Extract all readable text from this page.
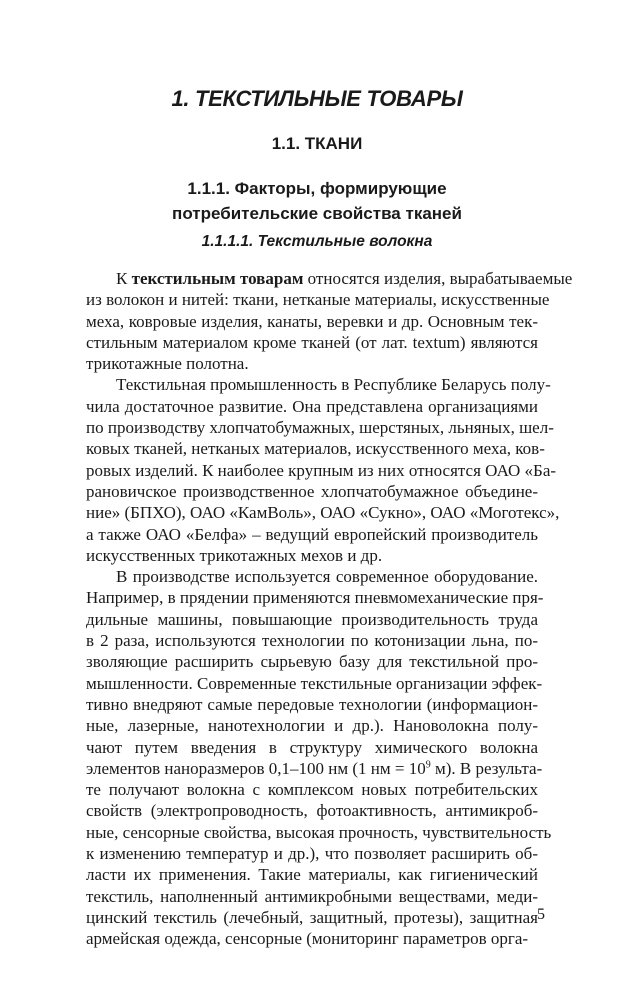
1. ТЕКСТИЛЬНЫЕ ТОВАРЫ
1.1. ТКАНИ
1.1.1. Факторы, формирующие
потребительские свойства тканей
1.1.1.1. Текстильные волокна
К текстильным товарам относятся изделия, вырабатываемые
из волокон и нитей: ткани, нетканые материалы, искусственные
меха, ковровые изделия, канаты, веревки и др. Основным тек-
стильным материалом кроме тканей (от лат. textum) являются
трикотажные полотна.
Текстильная промышленность в Республике Беларусь полу-
чила достаточное развитие. Она представлена организациями
по производству хлопчатобумажных, шерстяных, льняных, шел-
ковых тканей, нетканых материалов, искусственного меха, ков-
ровых изделий. К наиболее крупным из них относятся ОАО «Ба-
рановичское производственное хлопчатобумажное объедине-
ние» (БПХО), ОАО «КамВоль», ОАО «Сукно», ОАО «Моготекс»,
а также ОАО «Белфа» – ведущий европейский производитель
искусственных трикотажных мехов и др.
В производстве используется современное оборудование.
Например, в прядении применяются пневмомеханические пря-
дильные машины, повышающие производительность труда
в 2 раза, используются технологии по котонизации льна, по-
зволяющие расширить сырьевую базу для текстильной про-
мышленности. Современные текстильные организации эффек-
тивно внедряют самые передовые технологии (информацион-
ные, лазерные, нанотехнологии и др.). Нановолокна полу-
чают путем введения в структуру химического волокна
элементов наноразмеров 0,1–100 нм (1 нм = $10^9$ м). В результа-
те получают волокна с комплексом новых потребительских
свойств (электропроводность, фотоактивность, антимикроб-
ные, сенсорные свойства, высокая прочность, чувствительность
к изменению температур и др.), что позволяет расширить об-
ласти их применения. Такие материалы, как гигиенический
текстиль, наполненный антимикробными веществами, меди-
цинский текстиль (лечебный, защитный, протезы), защитная
армейская одежда, сенсорные (мониторинг параметров орга-
5
